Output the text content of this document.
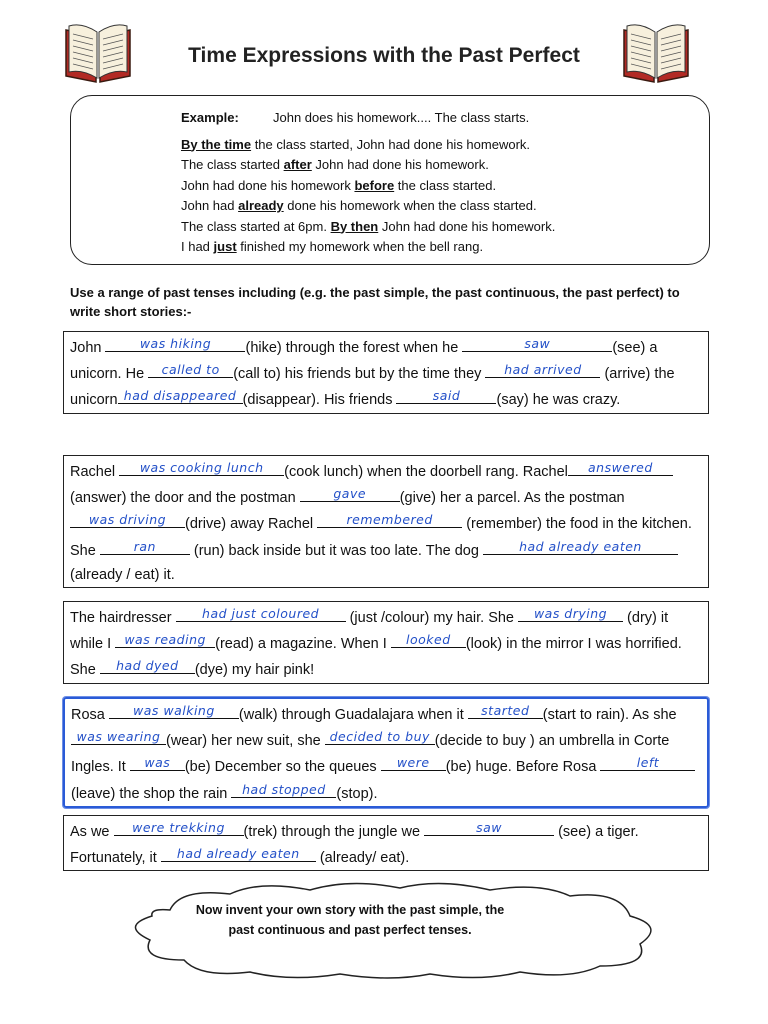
Time Expressions with the Past Perfect
Example:	John does his homework.... The class starts.
By the time the class started, John had done his homework.
The class started after John had done his homework.
John had done his homework before the class started.
John had already done his homework when the class started.
The class started at 6pm. By then John had done his homework.
I had just finished my homework when the bell rang.
Use a range of past tenses including (e.g. the past simple, the past continuous, the past perfect) to write short stories:-
John	was hiking	(hike) through the forest when he	saw	(see) a unicorn. He	called to (call to) his friends but by the time they	had arrived	(arrive) the unicorn had disappeared (disappear). His friends	said	(say) he was crazy.
Rachel	was cooking lunch	(cook lunch) when the doorbell rang. Rachel	answered
(answer) the door and the postman	gave	(give) her a parcel. As the postman
was driving	(drive) away Rachel	remembered	(remember) the food in the kitchen. She	ran	(run) back inside but it was too late. The dog	had already eaten
(already / eat) it.
The hairdresser	had just coloured	(just /colour) my hair. She	was drying	(dry) it while I was reading (read) a magazine. When I	looked	(look) in the mirror I was horrified. She	had dyed	(dye) my hair pink!
Rosa	was walking	(walk) through Guadalajara when it	started (start to rain). As she
was wearing (wear) her new suit, she decided to buy (decide to buy ) an umbrella in Corte Ingles. It	was	(be) December so the queues	were	(be) huge. Before Rosa	left
(leave) the shop the rain had stopped (stop).
As we	were trekking	(trek) through the jungle we	saw	(see) a tiger. Fortunately, it	had already eaten	(already/ eat).
Now invent your own story with the past simple, the
past continuous and past perfect tenses.
